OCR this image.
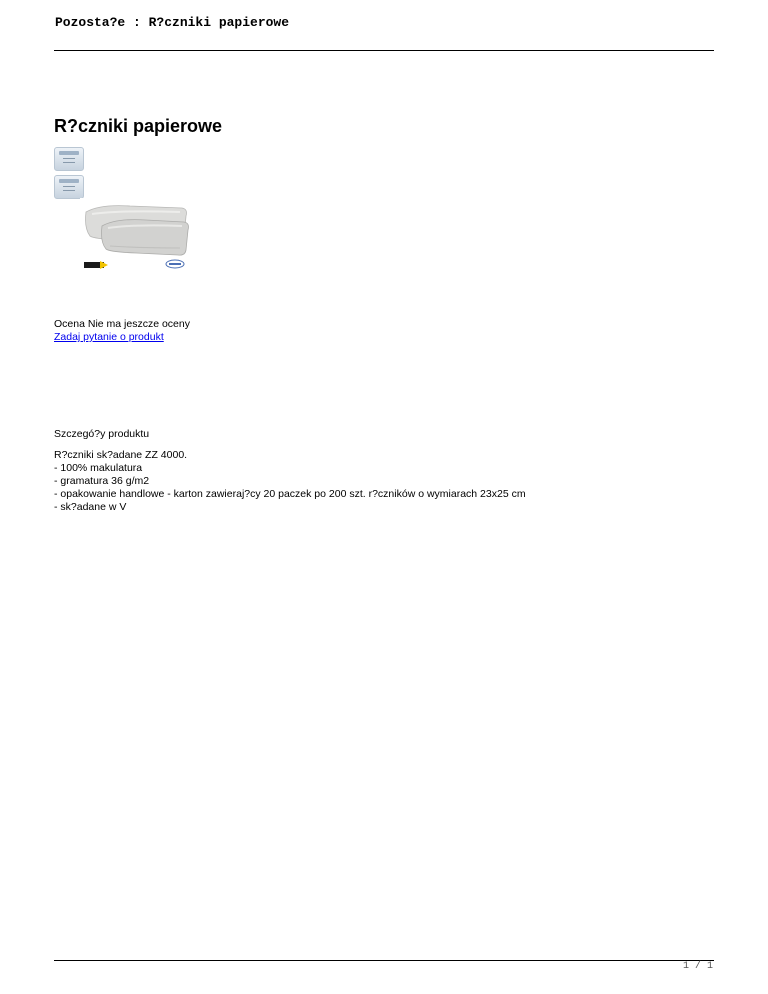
Pozosta?e : R?czniki papierowe
R?czniki papierowe
Ocena Nie ma jeszcze oceny
Zadaj pytanie o produkt
Szczegó?y produktu
R?czniki sk?adane ZZ 4000.
- 100% makulatura
- gramatura 36 g/m2
- opakowanie handlowe - karton zawieraj?cy 20 paczek po 200 szt. r?czników o wymiarach 23x25 cm
- sk?adane w V
1 / 1
